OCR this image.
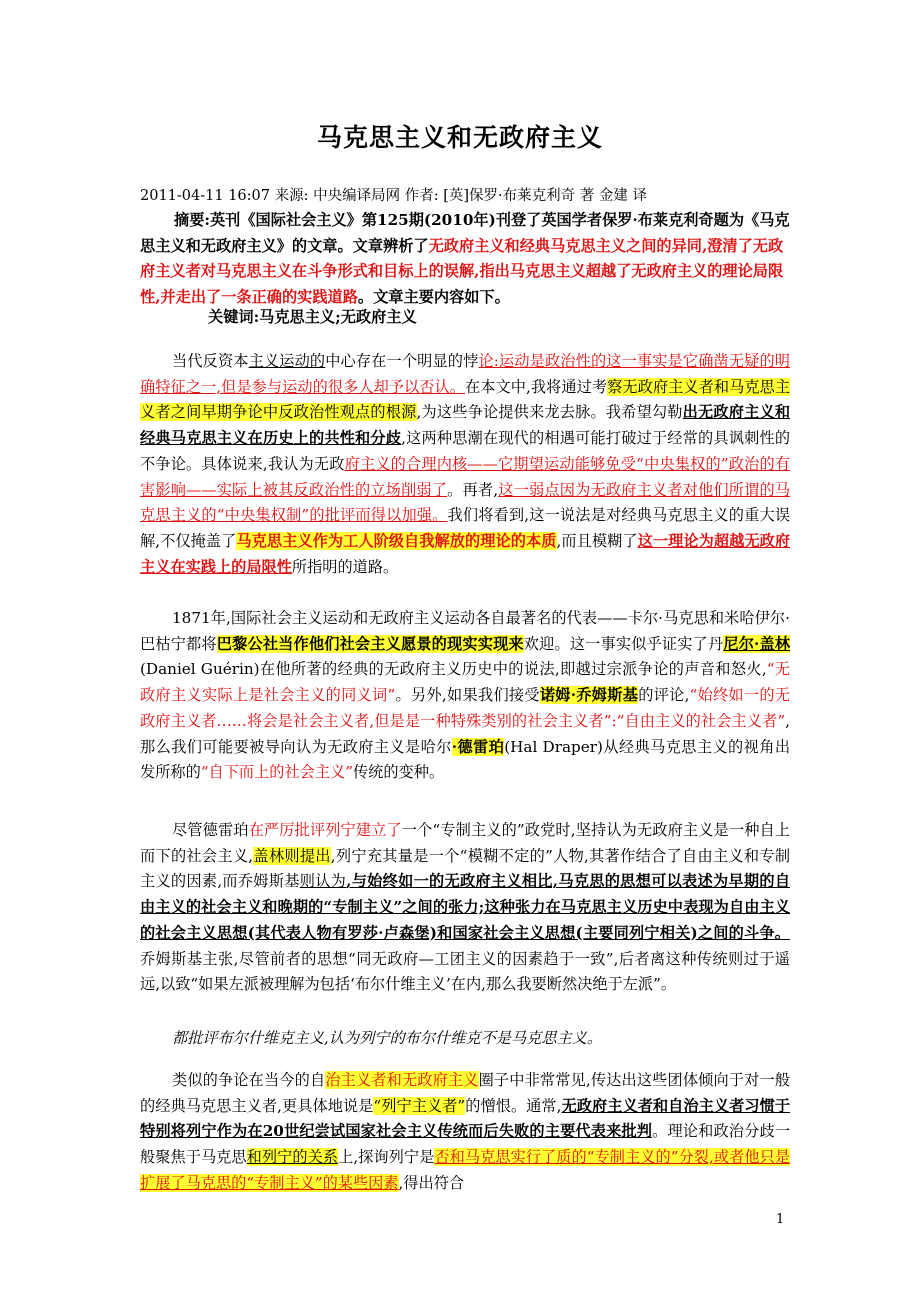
马克思主义和无政府主义
2011-04-11 16:07 来源: 中央编译局网 作者: [英]保罗·布莱克利奇 著 金建 译
摘要:英刊《国际社会主义》第125期(2010年)刊登了英国学者保罗·布莱克利奇题为《马克思主义和无政府主义》的文章。文章辨析了无政府主义和经典马克思主义之间的异同,澄清了无政府主义者对马克思主义在斗争形式和目标上的误解,指出马克思主义超越了无政府主义的理论局限性,并走出了一条正确的实践道路。文章主要内容如下。
关键词:马克思主义;无政府主义
当代反资本主义运动的中心存在一个明显的悖论:运动是政治性的这一事实是它确凿无疑的明确特征之一,但是参与运动的很多人却予以否认。在本文中,我将通过考察无政府主义者和马克思主义者之间早期争论中反政治性观点的根源,为这些争论提供来龙去脉。我希望勾勒出无政府主义和经典马克思主义在历史上的共性和分歧,这两种思潮在现代的相遇可能打破过于经常的具讽刺性的不争论。具体说来,我认为无政府主义的合理内核——它期望运动能够免受“中央集权的”政治的有害影响——实际上被其反政治性的立场削弱了。再者,这一弱点因为无政府主义者对他们所谓的马克思主义的“中央集权制”的批评而得以加强。我们将看到,这一说法是对经典马克思主义的重大误解,不仅掩盖了马克思主义作为工人阶级自我解放的理论的本质,而且模糊了这一理论为超越无政府主义在实践上的局限性所指明的道路。
1871年,国际社会主义运动和无政府主义运动各自最著名的代表——卡尔·马克思和米哈伊尔·巴枯宁都将巴黎公社当作他们社会主义愿景的现实实现来欢迎。这一事实似乎证实了丹尼尔·盖林(Daniel Guérin)在他所著的经典的无政府主义历史中的说法,即越过宗派争论的声音和怒火,“无政府主义实际上是社会主义的同义词”。另外,如果我们接受诺姆·乔姆斯基的评论,“始终如一的无政府主义者……将会是社会主义者,但是是一种特殊类别的社会主义者”:“自由主义的社会主义者”,那么我们可能要被导向认为无政府主义是哈尔·德雷珀(Hal Draper)从经典马克思主义的视角出发所称的“自下而上的社会主义”传统的变种。
尽管德雷珀在严厉批评列宁建立了一个“专制主义的”政党时,坚持认为无政府主义是一种自上而下的社会主义,盖林则提出,列宁充其量是一个“模糊不定的”人物,其著作结合了自由主义和专制主义的因素,而乔姆斯基则认为,与始终如一的无政府主义相比,马克思的思想可以表述为早期的自由主义的社会主义和晚期的“专制主义”之间的张力;这种张力在马克思主义历史中表现为自由主义的社会主义思想(其代表人物有罗莎·卢森堡)和国家社会主义思想(主要同列宁相关)之间的斗争。乔姆斯基主张,尽管前者的思想“同无政府—工团主义的因素趋于一致”,后者离这种传统则过于遥远,以致“如果左派被理解为包括‘布尔什维主义’在内,那么我要断然决绝于左派”。
都批评布尔什维克主义,认为列宁的布尔什维克不是马克思主义。
类似的争论在当今的自治主义者和无政府主义圈子中非常常见,传达出这些团体倾向于对一般的经典马克思主义者,更具体地说是“列宁主义者”的憎恨。通常,无政府主义者和自治主义者习惯于特别将列宁作为在20世纪尝试国家社会主义传统而后失败的主要代表来批判。理论和政治分歧一般聚焦于马克思和列宁的关系上,探询列宁是否和马克思实行了质的“专制主义的”分裂,或者他只是扩展了马克思的“专制主义”的某些因素,得出符合
1
